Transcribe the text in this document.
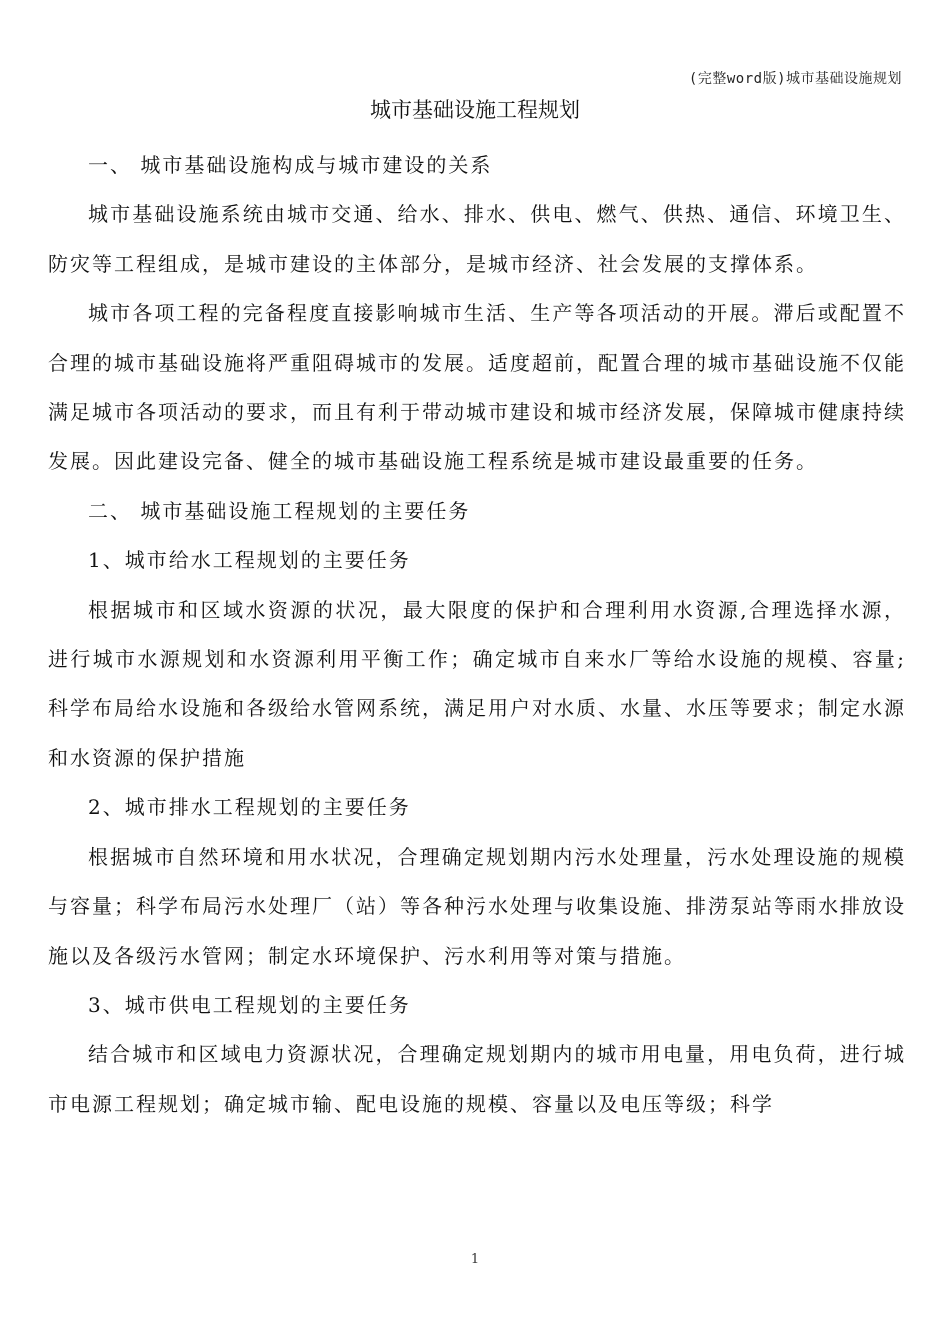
(完整word版)城市基础设施规划
城市基础设施工程规划

一、 城市基础设施构成与城市建设的关系

城市基础设施系统由城市交通、给水、排水、供电、燃气、供热、通信、环境卫生、防灾等工程组成，是城市建设的主体部分，是城市经济、社会发展的支撑体系。

城市各项工程的完备程度直接影响城市生活、生产等各项活动的开展。滞后或配置不合理的城市基础设施将严重阻碍城市的发展。适度超前，配置合理的城市基础设施不仅能满足城市各项活动的要求，而且有利于带动城市建设和城市经济发展，保障城市健康持续发展。因此建设完备、健全的城市基础设施工程系统是城市建设最重要的任务。

二、 城市基础设施工程规划的主要任务

1、城市给水工程规划的主要任务

根据城市和区域水资源的状况，最大限度的保护和合理利用水资源,合理选择水源，进行城市水源规划和水资源利用平衡工作；确定城市自来水厂等给水设施的规模、容量;科学布局给水设施和各级给水管网系统，满足用户对水质、水量、水压等要求；制定水源和水资源的保护措施

2、城市排水工程规划的主要任务

根据城市自然环境和用水状况，合理确定规划期内污水处理量，污水处理设施的规模与容量；科学布局污水处理厂（站）等各种污水处理与收集设施、排涝泵站等雨水排放设施以及各级污水管网；制定水环境保护、污水利用等对策与措施。

3、城市供电工程规划的主要任务

结合城市和区域电力资源状况，合理确定规划期内的城市用电量，用电负荷，进行城市电源工程规划；确定城市输、配电设施的规模、容量以及电压等级；科学

1
